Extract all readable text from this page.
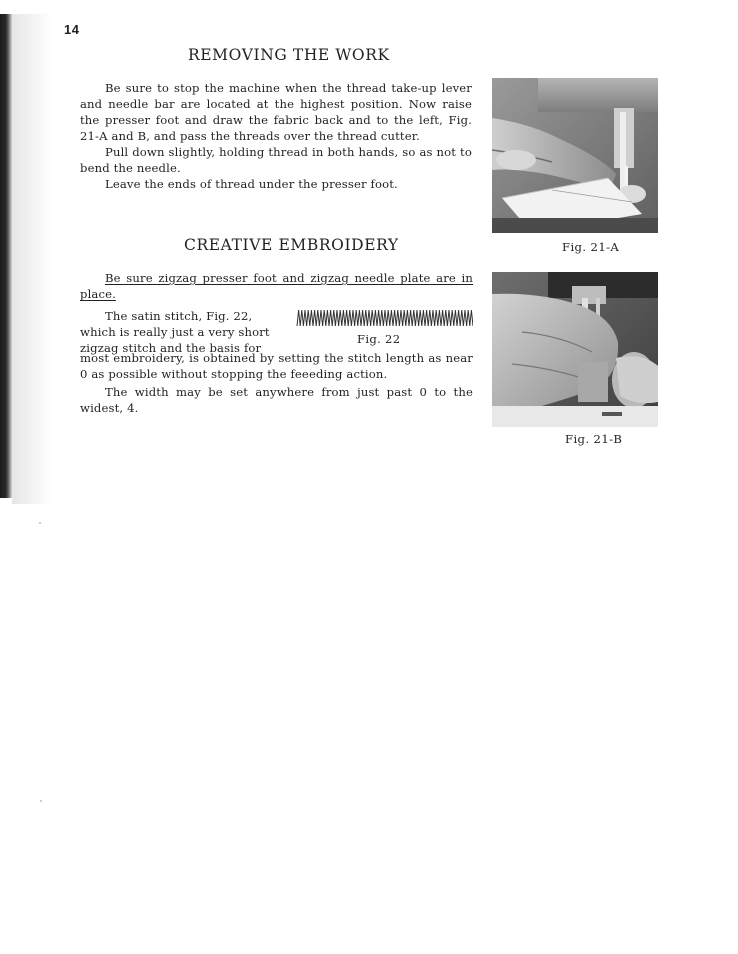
14
REMOVING THE WORK

Be sure to stop the machine when the thread take-up lever and needle bar are located at the highest position. Now raise the presser foot and draw the fabric back and to the left, Fig. 21-A and B, and pass the threads over the thread cutter.

Pull down slightly, holding thread in both hands, so as not to bend the needle.

Leave the ends of thread under the presser foot.

Fig. 21-A
CREATIVE EMBROIDERY

Be sure zigzag presser foot and zigzag needle plate are in place.

The satin stitch, Fig. 22, which is really just a very short zigzag stitch and the basis for

Fig. 22

most embroidery, is obtained by setting the stitch length as near 0 as possible without stopping the feeeding action.

The width may be set anywhere from just past 0 to the widest, 4.

Fig. 21-B
